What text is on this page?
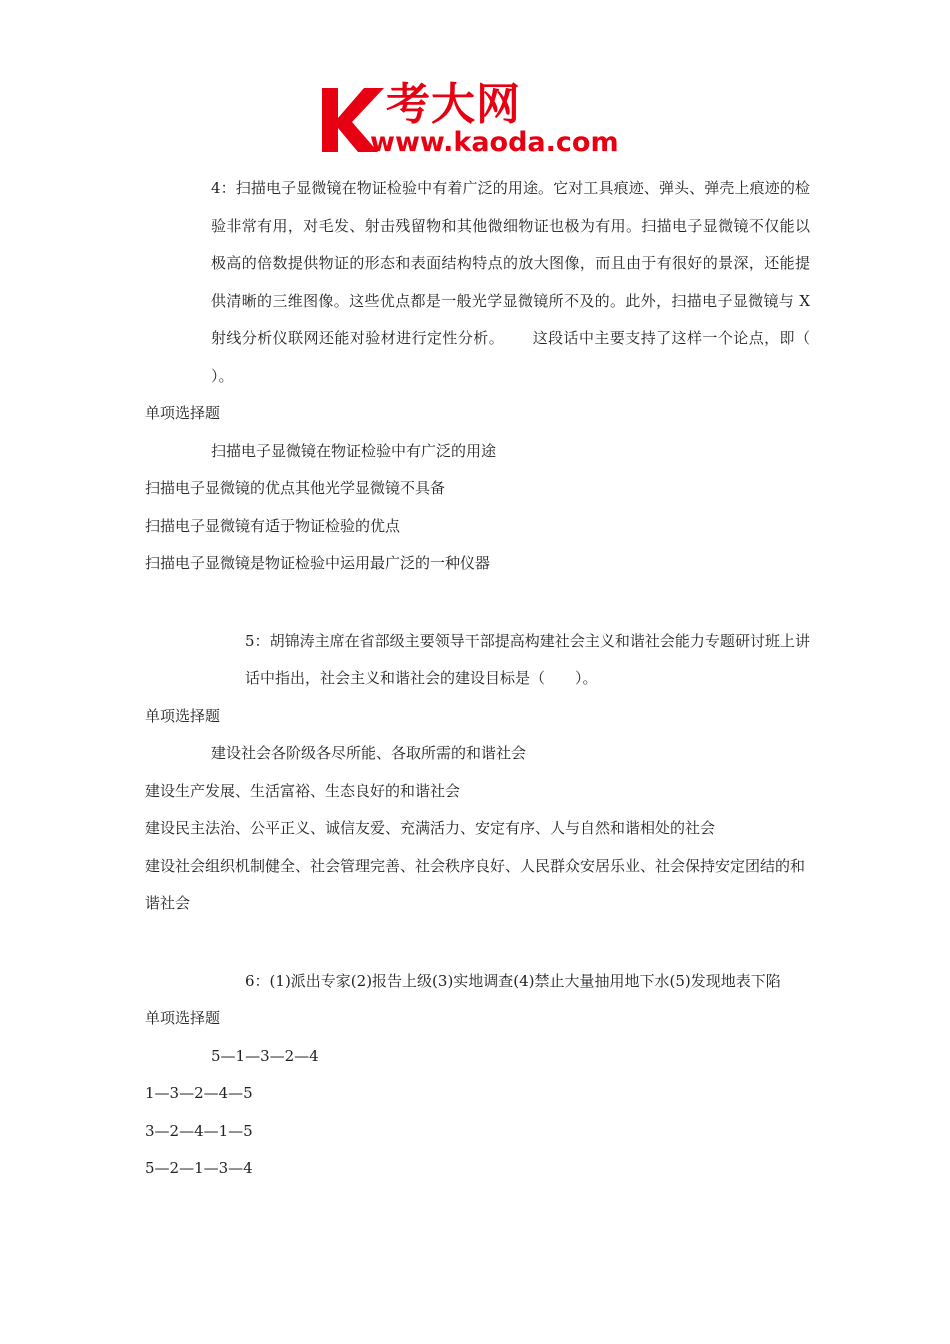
考大网
www.kaoda.com

4：扫描电子显微镜在物证检验中有着广泛的用途。它对工具痕迹、弹头、弹壳上痕迹的检验非常有用，对毛发、射击残留物和其他微细物证也极为有用。扫描电子显微镜不仅能以极高的倍数提供物证的形态和表面结构特点的放大图像，而且由于有很好的景深，还能提供清晰的三维图像。这些优点都是一般光学显微镜所不及的。此外，扫描电子显微镜与 X 射线分析仪联网还能对验材进行定性分析。　　 这段话中主要支持了这样一个论点，即（ ）。

单项选择题

扫描电子显微镜在物证检验中有广泛的用途

扫描电子显微镜的优点其他光学显微镜不具备

扫描电子显微镜有适于物证检验的优点

扫描电子显微镜是物证检验中运用最广泛的一种仪器

5：胡锦涛主席在省部级主要领导干部提高构建社会主义和谐社会能力专题研讨班上讲话中指出，社会主义和谐社会的建设目标是（　　）。

单项选择题

建设社会各阶级各尽所能、各取所需的和谐社会

建设生产发展、生活富裕、生态良好的和谐社会

建设民主法治、公平正义、诚信友爱、充满活力、安定有序、人与自然和谐相处的社会

建设社会组织机制健全、社会管理完善、社会秩序良好、人民群众安居乐业、社会保持安定团结的和谐社会

6：(1)派出专家(2)报告上级(3)实地调查(4)禁止大量抽用地下水(5)发现地表下陷

单项选择题

5—1—3—2—4

1—3—2—4—5

3—2—4—1—5

5—2—1—3—4
